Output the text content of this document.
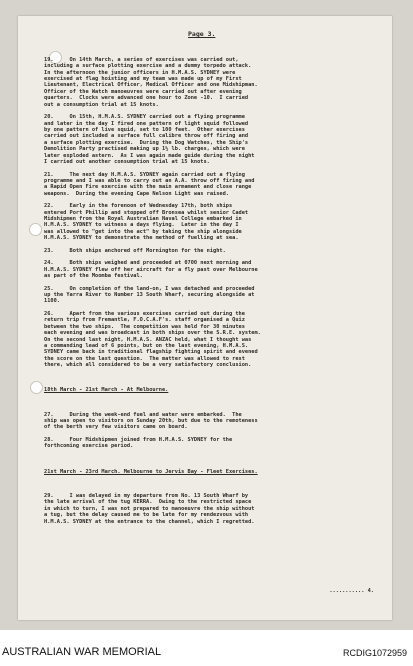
Page 3.

19.     On 14th March, a series of exercises was carried out,
including a surface plotting exercise and a dummy torpedo attack.
In the afternoon the junior officers in H.M.A.S. SYDNEY were
exercised at flag hoisting and my team was made up of my First
Lieutenant, Electrical Officer, Medical Officer and one Midshipman.
Officer of the Watch manoeuvres were carried out after evening
quarters.  Clocks were advanced one hour to Zone -10.  I carried
out a consumption trial at 15 knots.
20.     On 15th, H.M.A.S. SYDNEY carried out a flying programme
and later in the day I fired one pattern of light squid followed
by one pattern of live squid, set to 100 feet.  Other exercises
carried out included a surface full calibre throw off firing and
a surface plotting exercise.  During the Dog Watches, the Ship's
Demolition Party practised making up 1½ lb. charges, which were
later exploded astern.  As I was again made guide during the night
I carried out another consumption trial at 15 knots.
21.     The next day H.M.A.S. SYDNEY again carried out a flying
programme and I was able to carry out an A.A. throw off firing and
a Rapid Open Fire exercise with the main armament and close range
weapons.  During the evening Cape Nelson Light was raised.
22.     Early in the forenoon of Wednesday 17th, both ships
entered Port Phillip and stopped off Bronsea whilst senior Cadet
Midshipmen from the Royal Australian Naval College embarked in
H.M.A.S. SYDNEY to witness a days flying.  Later in the day I
was allowed to "get into the act" by taking the ship alongside
H.M.A.S. SYDNEY to demonstrate the method of fuelling at sea.
23.     Both ships anchored off Mornington for the night.
24.     Both ships weighed and proceeded at 0700 next morning and
H.M.A.S. SYDNEY flew off her aircraft for a fly past over Melbourne
as part of the Moomba festival.
25.     On completion of the land-on, I was detached and proceeded
up the Yarra River to Number 13 South Wharf, securing alongside at
1100.
26.     Apart from the various exercises carried out during the
return trip from Fremantle, F.O.C.A.F's. staff organised a Quiz
between the two ships.  The competition was held for 30 minutes
each evening and was broadcast in both ships over the S.R.E. system.
On the second last night, H.M.A.S. ANZAC held, what I thought was
a commanding lead of 6 points, but on the last evening, H.M.A.S.
SYDNEY came back in traditional flagship fighting spirit and evened
the score on the last question.  The matter was allowed to rest
there, which all considered to be a very satisfactory conclusion.

18th March - 21st March - At Melbourne.

27.     During the week-end fuel and water were embarked.  The
ship was open to visitors on Sunday 20th, but due to the remoteness
of the berth very few visitors came on board.
28.     Four Midshipmen joined from H.M.A.S. SYDNEY for the
forthcoming exercise period.

21st March - 23rd March. Melbourne to Jervis Bay - Fleet Exercises.

29.     I was delayed in my departure from No. 13 South Wharf by
the late arrival of the tug KERRA.  Owing to the restricted space
in which to turn, I was not prepared to manoeuvre the ship without
a tug, but the delay caused me to be late for my rendezvous with
H.M.A.S. SYDNEY at the entrance to the channel, which I regretted.

........... 4.
AUSTRALIAN WAR MEMORIAL	RCDIG1072959
